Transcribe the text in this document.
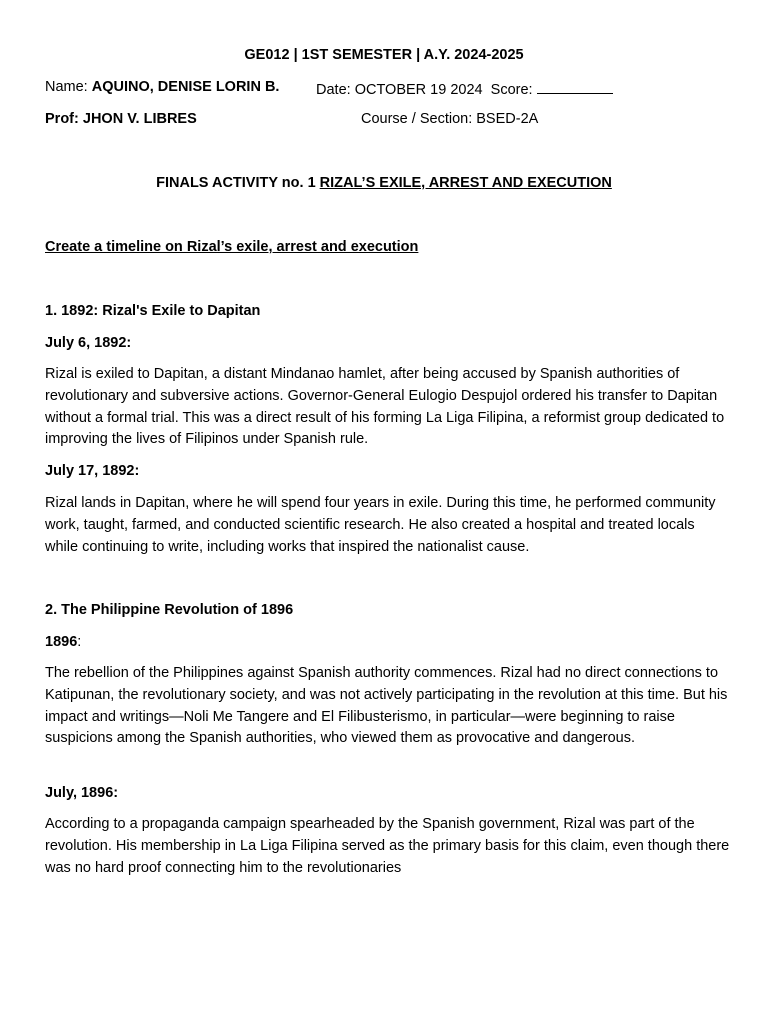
GE012 | 1ST SEMESTER | A.Y. 2024-2025
Name: AQUINO, DENISE LORIN B.	Date: OCTOBER 19 2024 Score:
Prof: JHON V. LIBRES	Course / Section: BSED-2A
FINALS ACTIVITY no. 1 RIZAL’S EXILE, ARREST AND EXECUTION
Create a timeline on Rizal’s exile, arrest and execution
1. 1892: Rizal's Exile to Dapitan
July 6, 1892:
Rizal is exiled to Dapitan, a distant Mindanao hamlet, after being accused by Spanish authorities of revolutionary and subversive actions. Governor-General Eulogio Despujol ordered his transfer to Dapitan without a formal trial. This was a direct result of his forming La Liga Filipina, a reformist group dedicated to improving the lives of Filipinos under Spanish rule.
July 17, 1892:
Rizal lands in Dapitan, where he will spend four years in exile. During this time, he performed community work, taught, farmed, and conducted scientific research. He also created a hospital and treated locals while continuing to write, including works that inspired the nationalist cause.
2. The Philippine Revolution of 1896
1896:
The rebellion of the Philippines against Spanish authority commences. Rizal had no direct connections to Katipunan, the revolutionary society, and was not actively participating in the revolution at this time. But his impact and writings—Noli Me Tangere and El Filibusterismo, in particular—were beginning to raise suspicions among the Spanish authorities, who viewed them as provocative and dangerous.
July, 1896:
According to a propaganda campaign spearheaded by the Spanish government, Rizal was part of the revolution. His membership in La Liga Filipina served as the primary basis for this claim, even though there was no hard proof connecting him to the revolutionaries
